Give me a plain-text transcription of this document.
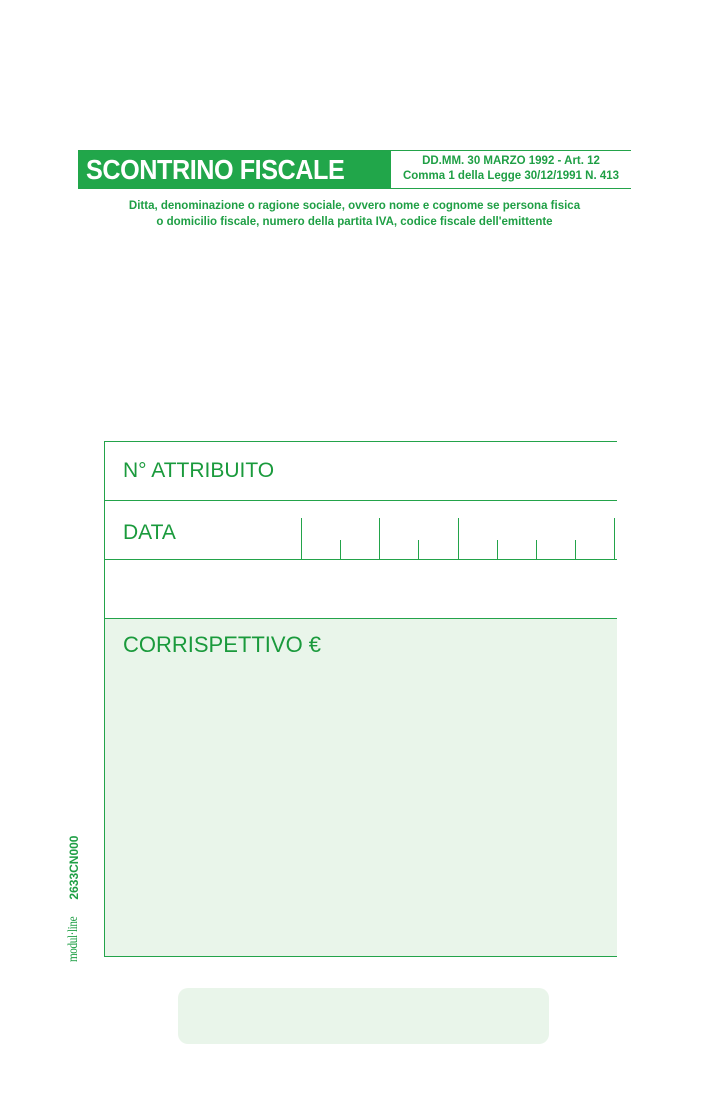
SCONTRINO FISCALE	DD.MM. 30 MARZO 1992 - Art. 12
Comma 1 della Legge 30/12/1991 N. 413
Ditta, denominazione o ragione sociale, ovvero nome e cognome se persona fisica
o domicilio fiscale, numero della partita IVA, codice fiscale dell'emittente
N° ATTRIBUITO
DATA
CORRISPETTIVO €
modul·line
2633CN000
